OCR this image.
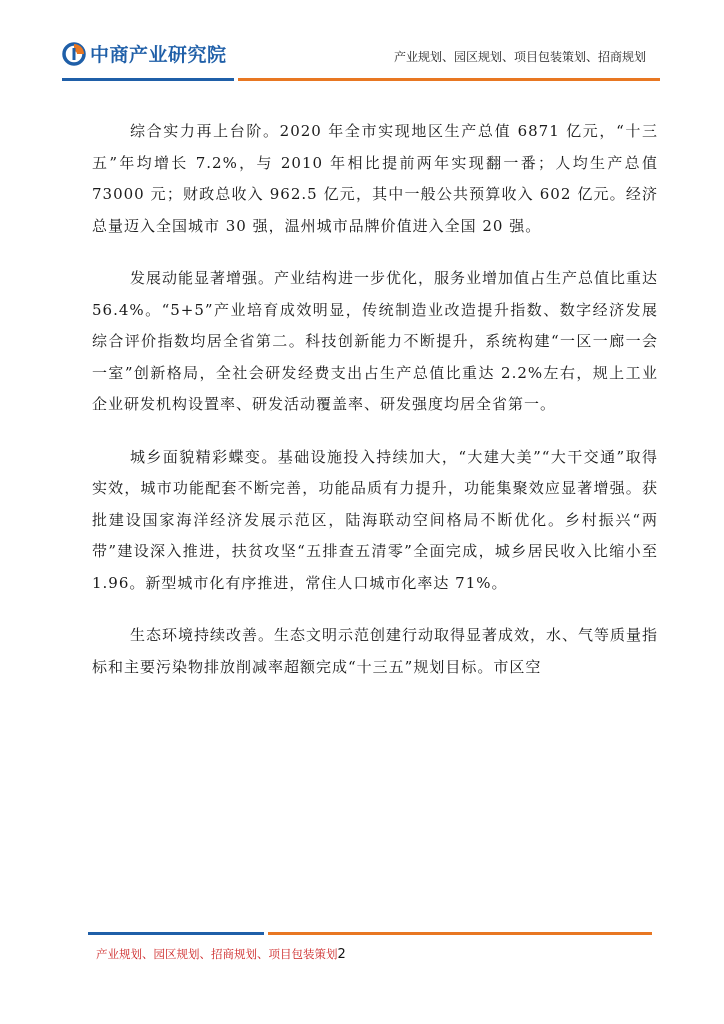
中商产业研究院	产业规划、园区规划、项目包装策划、招商规划

综合实力再上台阶。2020 年全市实现地区生产总值 6871 亿元，“十三五”年均增长 7.2%，与 2010 年相比提前两年实现翻一番；人均生产总值 73000 元；财政总收入 962.5 亿元，其中一般公共预算收入 602 亿元。经济总量迈入全国城市 30 强，温州城市品牌价值进入全国 20 强。

发展动能显著增强。产业结构进一步优化，服务业增加值占生产总值比重达 56.4%。“5+5”产业培育成效明显，传统制造业改造提升指数、数字经济发展综合评价指数均居全省第二。科技创新能力不断提升，系统构建“一区一廊一会一室”创新格局，全社会研发经费支出占生产总值比重达 2.2%左右，规上工业企业研发机构设置率、研发活动覆盖率、研发强度均居全省第一。

城乡面貌精彩蝶变。基础设施投入持续加大，“大建大美”“大干交通”取得实效，城市功能配套不断完善，功能品质有力提升，功能集聚效应显著增强。获批建设国家海洋经济发展示范区，陆海联动空间格局不断优化。乡村振兴“两带”建设深入推进，扶贫攻坚“五排查五清零”全面完成，城乡居民收入比缩小至 1.96。新型城市化有序推进，常住人口城市化率达 71%。

生态环境持续改善。生态文明示范创建行动取得显著成效，水、气等质量指标和主要污染物排放削减率超额完成“十三五”规划目标。市区空

产业规划、园区规划、招商规划、项目包装策划2
